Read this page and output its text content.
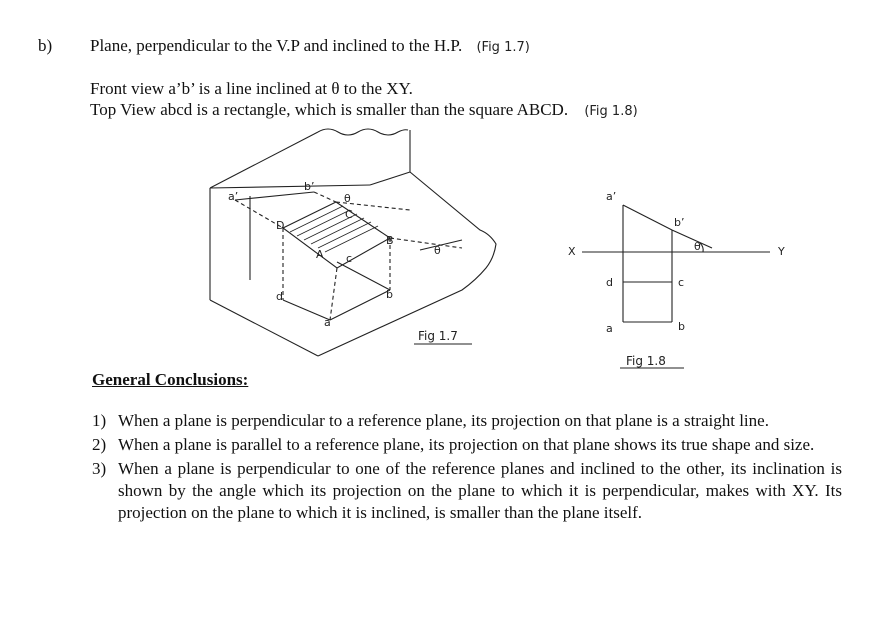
b) Plane, perpendicular to the V.P and inclined to the H.P. (Fig 1.7)
Front view a’b’ is a line inclined at θ to the XY.
Top View abcd is a rectangle, which is smaller than the square ABCD. (Fig 1.8)
a’
b’
θ
C
D
A c
B
θ
d	b
a
Fig 1.7
X	Y
a’
b’
θ
d	c
a	b
Fig 1.8
General Conclusions:
1) When a plane is perpendicular to a reference plane, its projection on that plane is a straight line.
2) When a plane is parallel to a reference plane, its projection on that plane shows its true shape and size.
3) When a plane is perpendicular to one of the reference planes and inclined to the other, its inclination is shown by the angle which its projection on the plane to which it is perpendicular, makes with XY. Its projection on the plane to which it is inclined, is smaller than the plane itself.
